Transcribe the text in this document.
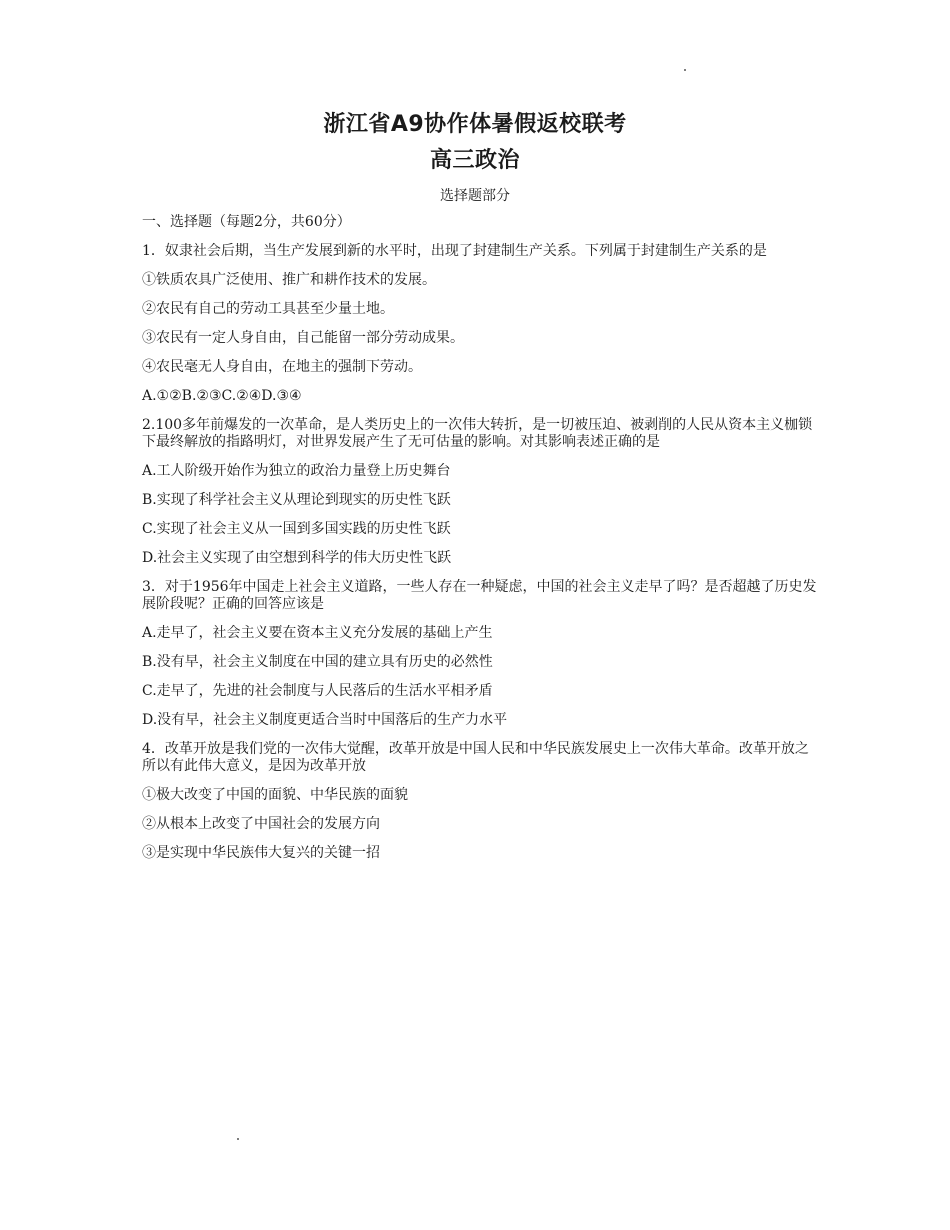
浙江省A9协作体暑假返校联考
高三政治
选择题部分
一、选择题（每题2分，共60分）
1．奴隶社会后期，当生产发展到新的水平时，出现了封建制生产关系。下列属于封建制生产关系的是
①铁质农具广泛使用、推广和耕作技术的发展。
②农民有自己的劳动工具甚至少量土地。
③农民有一定人身自由，自己能留一部分劳动成果。
④农民毫无人身自由，在地主的强制下劳动。
A.①②B.②③C.②④D.③④
2.100多年前爆发的一次革命，是人类历史上的一次伟大转折，是一切被压迫、被剥削的人民从资本主义枷锁下最终解放的指路明灯，对世界发展产生了无可估量的影响。对其影响表述正确的是
A.工人阶级开始作为独立的政治力量登上历史舞台
B.实现了科学社会主义从理论到现实的历史性飞跃
C.实现了社会主义从一国到多国实践的历史性飞跃
D.社会主义实现了由空想到科学的伟大历史性飞跃
3．对于1956年中国走上社会主义道路，一些人存在一种疑虑，中国的社会主义走早了吗？是否超越了历史发展阶段呢？正确的回答应该是
A.走早了，社会主义要在资本主义充分发展的基础上产生
B.没有早，社会主义制度在中国的建立具有历史的必然性
C.走早了，先进的社会制度与人民落后的生活水平相矛盾
D.没有早，社会主义制度更适合当时中国落后的生产力水平
4．改革开放是我们党的一次伟大觉醒，改革开放是中国人民和中华民族发展史上一次伟大革命。改革开放之所以有此伟大意义，是因为改革开放
①极大改变了中国的面貌、中华民族的面貌
②从根本上改变了中国社会的发展方向
③是实现中华民族伟大复兴的关键一招
